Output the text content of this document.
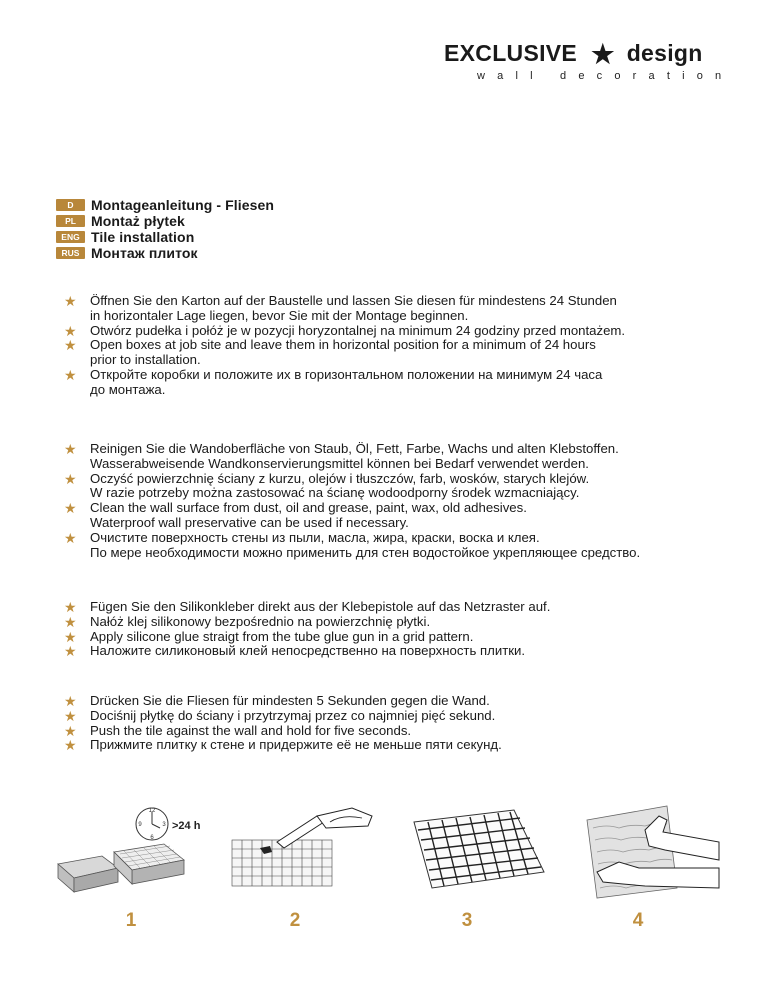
EXCLUSIVE ★ design
wall decoration
D	Montageanleitung - Fliesen
PL	Montaż płytek
ENG Tile installation
RUS Монтаж плиток
★ Öffnen Sie den Karton auf der Baustelle und lassen Sie diesen für mindestens 24 Stunden
in horizontaler Lage liegen, bevor Sie mit der Montage beginnen.
★ Otwórz pudełka i połóż je w pozycji horyzontalnej na minimum 24 godziny przed montażem.
★ Open boxes at job site and leave them in horizontal position for a minimum of 24 hours
prior to installation.
★ Откройте коробки и положите их в горизонтальном положении на минимум 24 часа
до монтажа.
★ Reinigen Sie die Wandoberfläche von Staub, Öl, Fett, Farbe, Wachs und alten Klebstoffen.
Wasserabweisende Wandkonservierungsmittel können bei Bedarf verwendet werden.
★ Oczyść powierzchnię ściany z kurzu, olejów i tłuszczów, farb, wosków, starych klejów.
W razie potrzeby można zastosować na ścianę wodoodporny środek wzmacniający.
★ Clean the wall surface from dust, oil and grease, paint, wax, old adhesives.
Waterproof wall preservative can be used if necessary.
★ Очистите поверхность стены из пыли, масла, жира, краски, воска и клея.
По мере необходимости можно применить для стен водостойкое укрепляющее средство.
★ Fügen Sie den Silikonkleber direkt aus der Klebepistole auf das Netzraster auf.
★ Nałóż klej silikonowy bezpośrednio na powierzchnię płytki.
★ Apply silicone glue straigt from the tube glue gun in a grid pattern.
★ Наложите силиконовый клей непосредственно на поверхность плитки.
★ Drücken Sie die Fliesen für mindesten 5 Sekunden gegen die Wand.
★ Dociśnij płytkę do ściany i przytrzymaj przez co najmniej pięć sekund.
★ Push the tile against the wall and hold for five seconds.
★ Прижмите плитку к стене и придержите её не меньше пяти секунд.
12
9	3
6
>24 h
1	2	3	4
